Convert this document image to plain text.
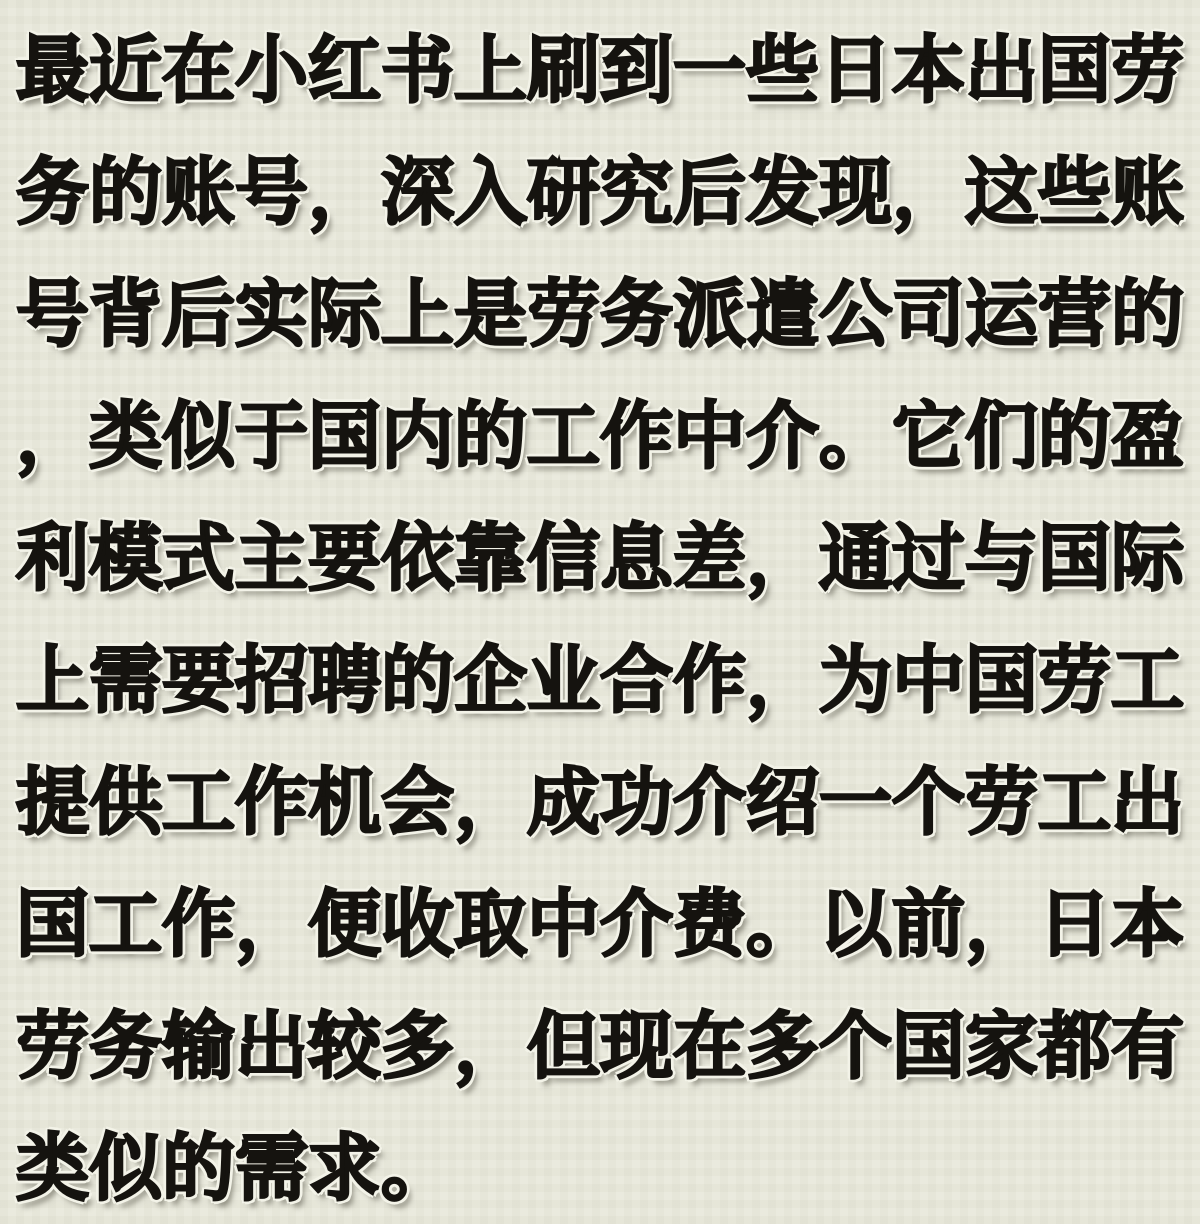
最近在小红书上刷到一些日本出国劳
务的账号，深入研究后发现，这些账
号背后实际上是劳务派遣公司运营的
，类似于国内的工作中介。它们的盈
利模式主要依靠信息差，通过与国际
上需要招聘的企业合作，为中国劳工
提供工作机会，成功介绍一个劳工出
国工作，便收取中介费。以前，日本
劳务输出较多，但现在多个国家都有
类似的需求。
